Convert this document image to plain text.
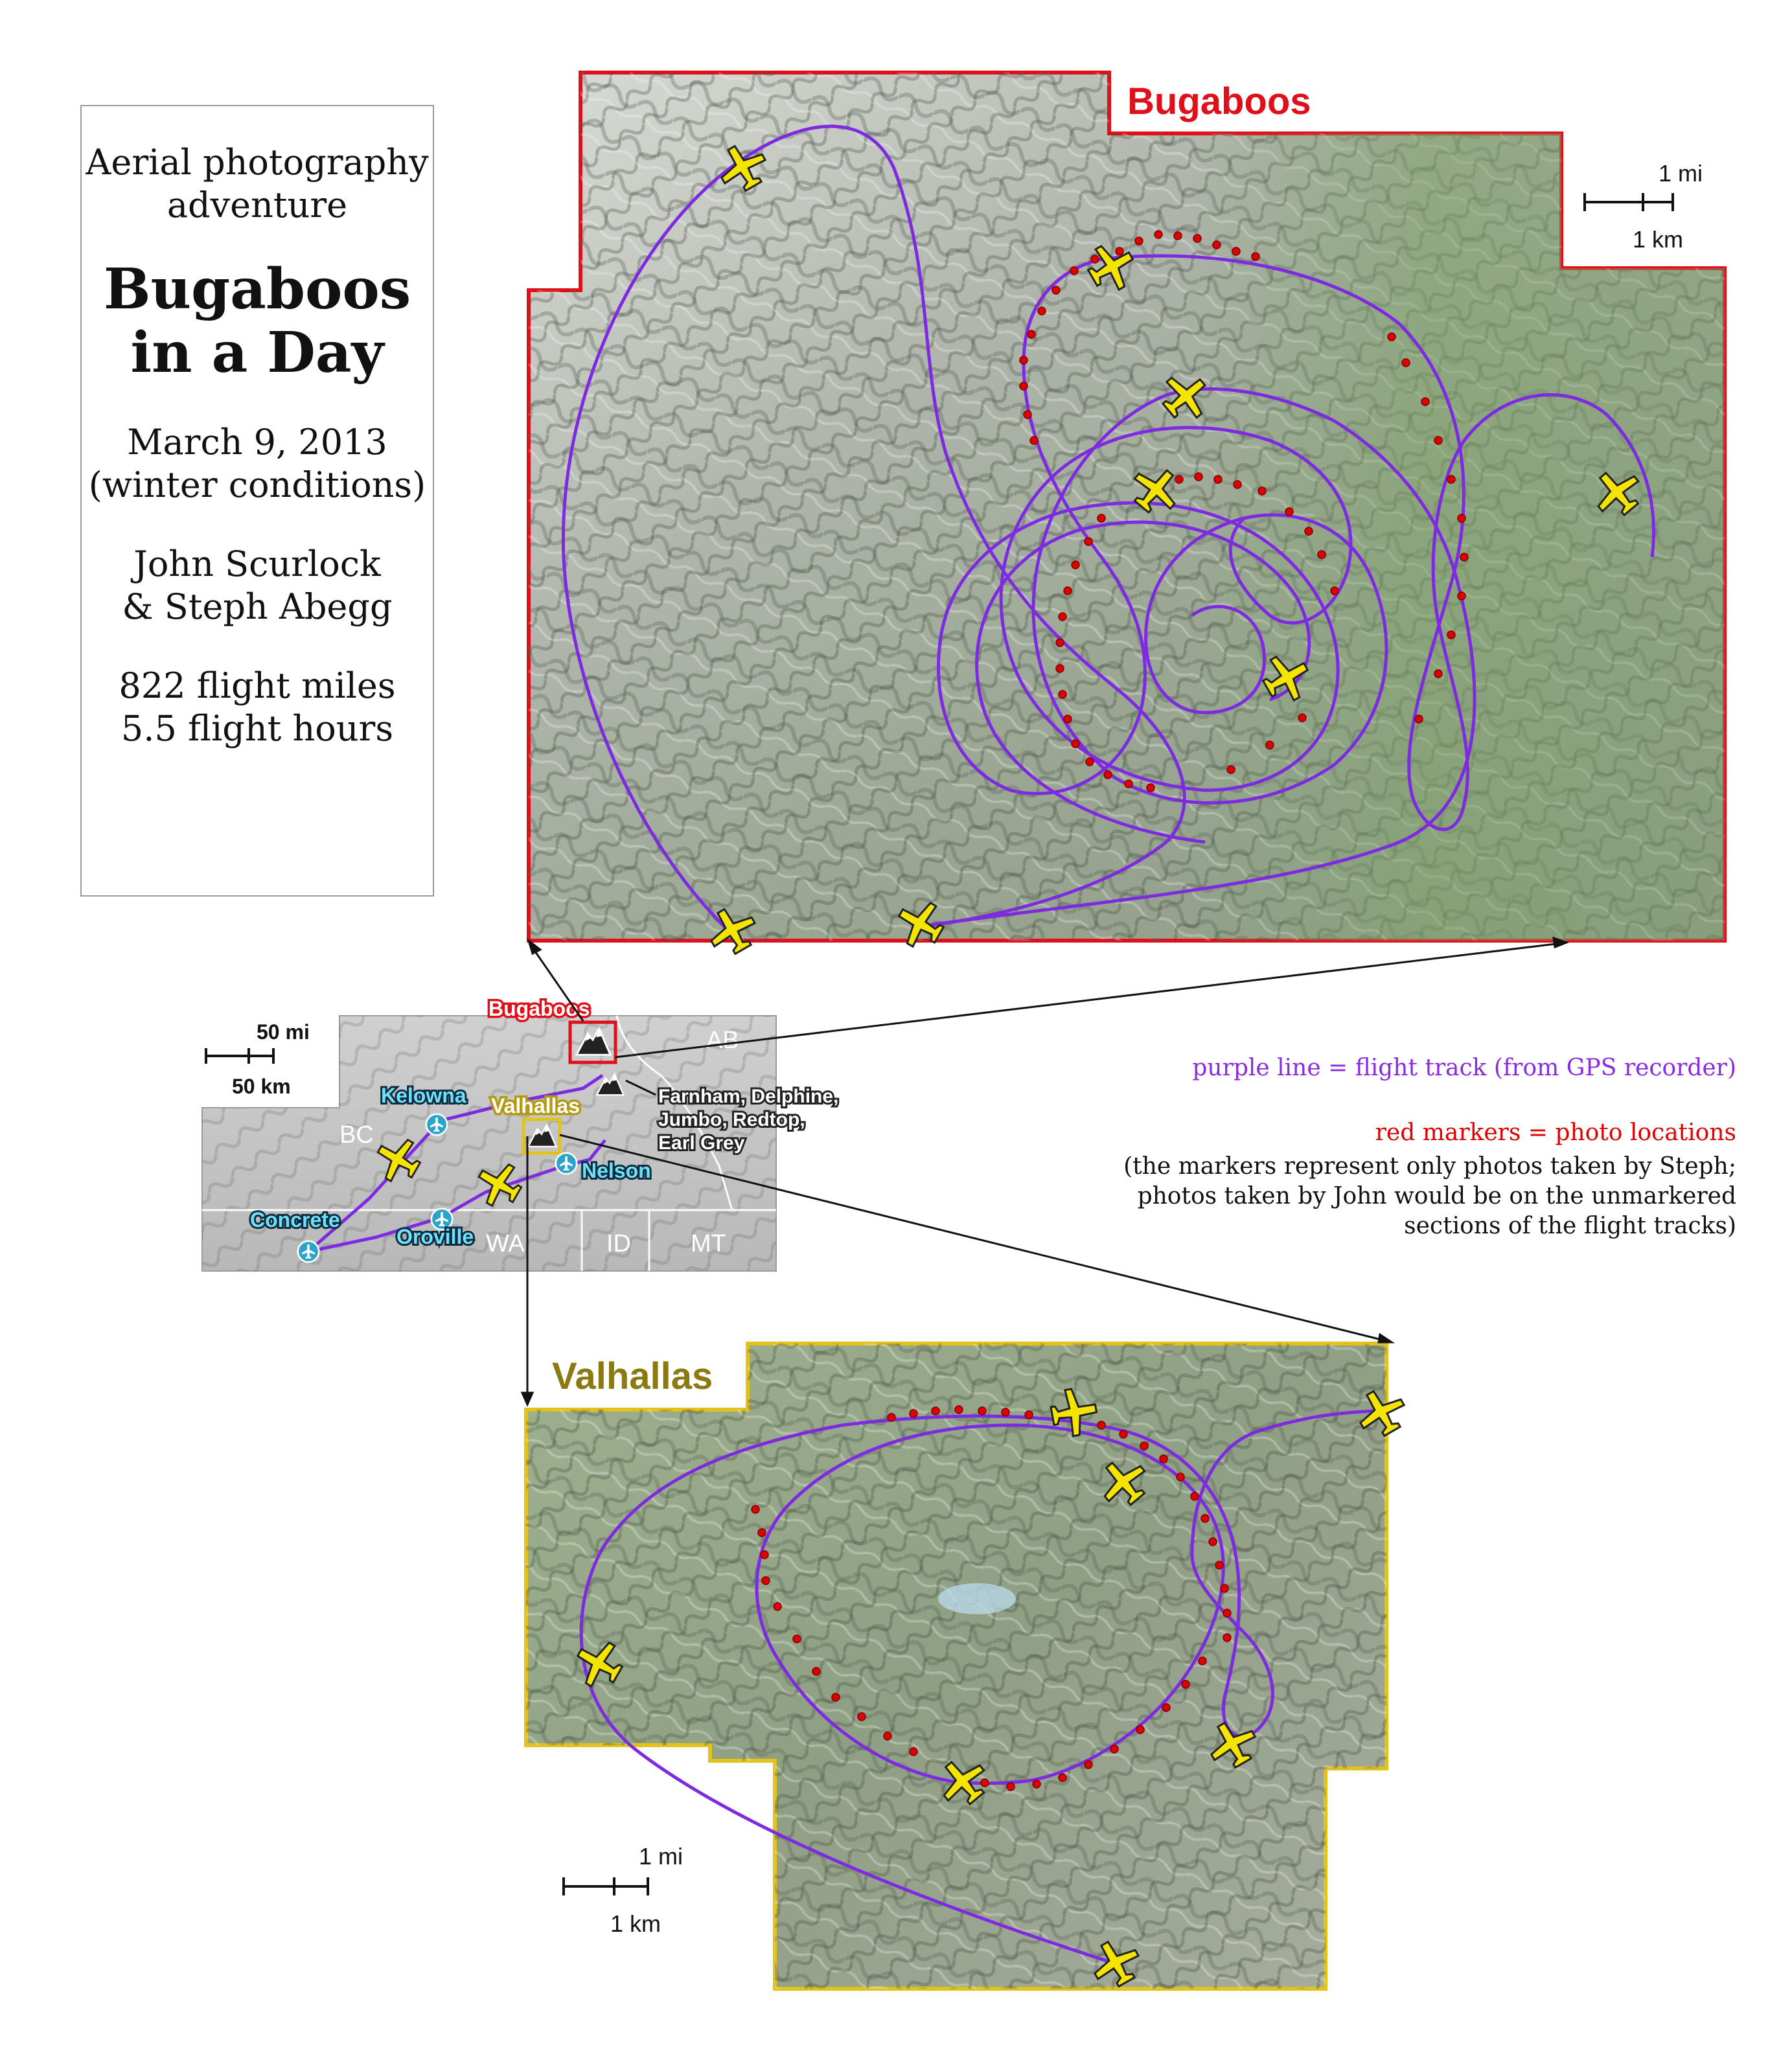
Aerial photography
adventure
Bugaboos
in a Day
March 9, 2013
(winter conditions)
John Scurlock
& Steph Abegg
822 flight miles
5.5 flight hours
Bugaboos
1 mi
1 km
Valhallas
1 mi
1 km
BC
AB
ID MT
WA
50 mi
50 km
Bugaboos
Valhallas	Farnham, Delphine,
Jumbo, Redtop,
Earl Grey
Kelowna
Nelson
Concrete
Oroville
purple line = flight track (from GPS recorder)
red markers = photo locations
(the markers represent only photos taken by Steph;
photos taken by John would be on the unmarkered
sections of the flight tracks)
